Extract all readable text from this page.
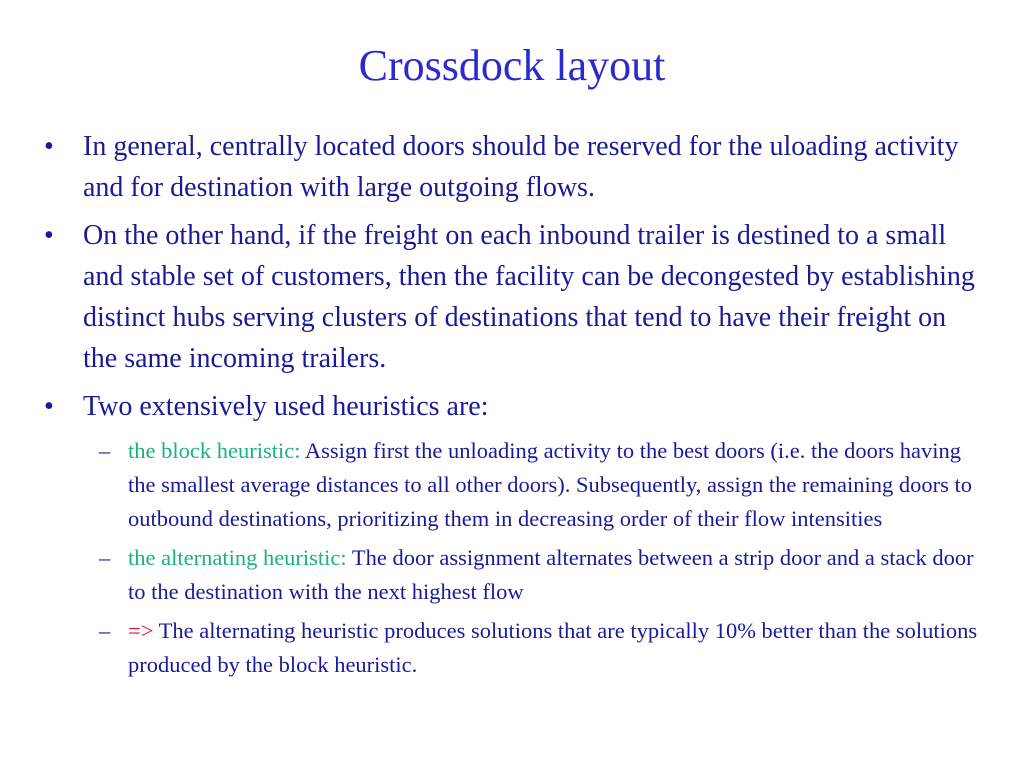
Crossdock layout
• In general, centrally located doors should be reserved for the uloading activity and for destination with large outgoing flows.
• On the other hand, if the freight on each inbound trailer is destined to a small and stable set of customers, then the facility can be decongested by establishing distinct hubs serving clusters of destinations that tend to have their freight on the same incoming trailers.
• Two extensively used heuristics are:
– the block heuristic: Assign first the unloading activity to the best doors (i.e. the doors having the smallest average distances to all other doors). Subsequently, assign the remaining doors to outbound destinations, prioritizing them in decreasing order of their flow intensities
– the alternating heuristic: The door assignment alternates between a strip door and a stack door to the destination with the next highest flow
– => The alternating heuristic produces solutions that are typically 10% better than the solutions produced by the block heuristic.
